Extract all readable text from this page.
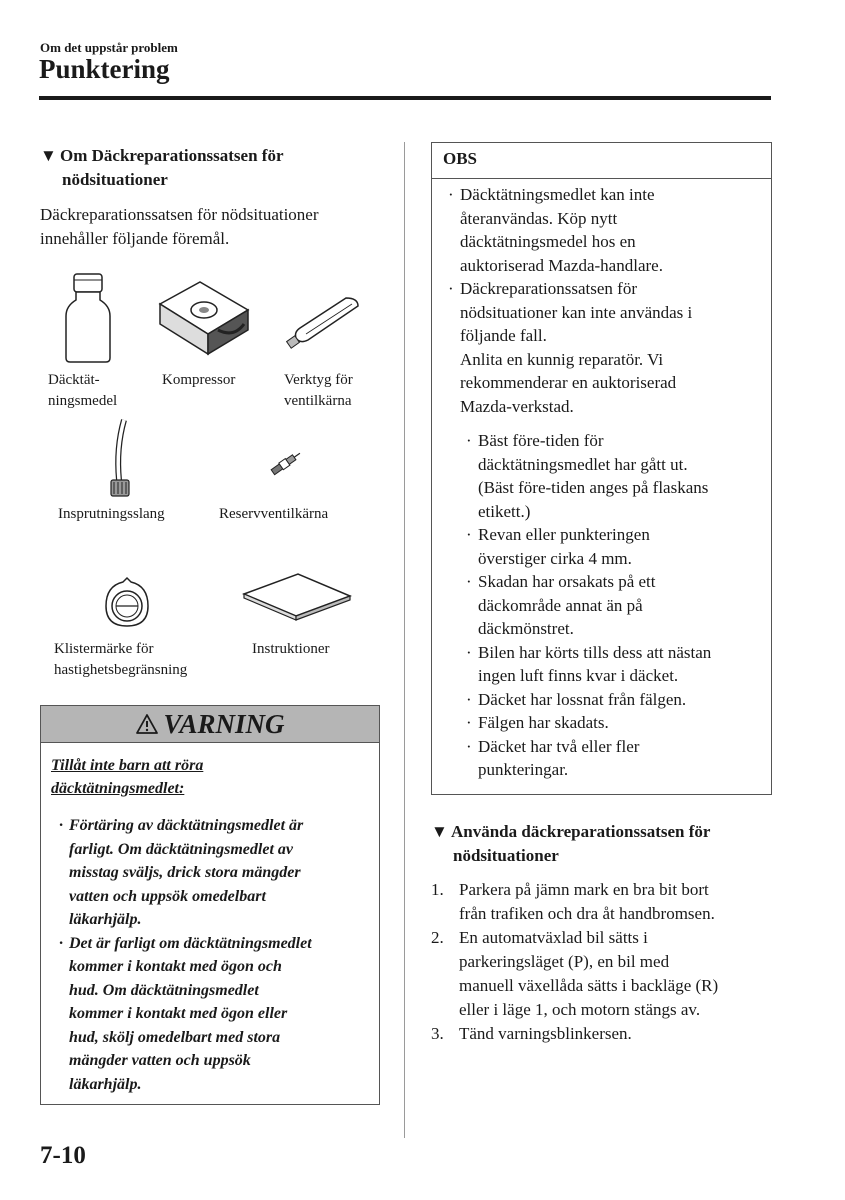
Om det uppstår problem
Punktering
▼ Om Däckreparationssatsen för
nödsituationer
Däckreparationssatsen för nödsituationer innehåller följande föremål.
Däcktät-
ningsmedel
Kompressor	Verktyg för
ventilkärna
Insprutningsslang	Reservventilkärna
Klistermärke för
hastighetsbegränsning
Instruktioner
VARNING
Tillåt inte barn att röra
däcktätningsmedlet:
· Förtäring av däcktätningsmedlet är
farligt. Om däcktätningsmedlet av
misstag sväljs, drick stora mängder
vatten och uppsök omedelbart
läkarhjälp.
· Det är farligt om däcktätningsmedlet
kommer i kontakt med ögon och
hud. Om däcktätningsmedlet
kommer i kontakt med ögon eller
hud, skölj omedelbart med stora
mängder vatten och uppsök
läkarhjälp.
OBS
· Däcktätningsmedlet kan inte
återanvändas. Köp nytt
däcktätningsmedel hos en
auktoriserad Mazda-handlare.
· Däckreparationssatsen för
nödsituationer kan inte användas i
följande fall.
Anlita en kunnig reparatör. Vi
rekommenderar en auktoriserad
Mazda-verkstad.
· Bäst före-tiden för
däcktätningsmedlet har gått ut.
(Bäst före-tiden anges på flaskans
etikett.)
· Revan eller punkteringen
överstiger cirka 4 mm.
· Skadan har orsakats på ett
däckområde annat än på
däckmönstret.
· Bilen har körts tills dess att nästan
ingen luft finns kvar i däcket.
· Däcket har lossnat från fälgen.
· Fälgen har skadats.
· Däcket har två eller fler
punkteringar.
▼ Använda däckreparationssatsen för
nödsituationer
1. Parkera på jämn mark en bra bit bort
från trafiken och dra åt handbromsen.
2. En automatväxlad bil sätts i
parkeringsläget (P), en bil med
manuell växellåda sätts i backläge (R)
eller i läge 1, och motorn stängs av.
3. Tänd varningsblinkersen.
7-10
